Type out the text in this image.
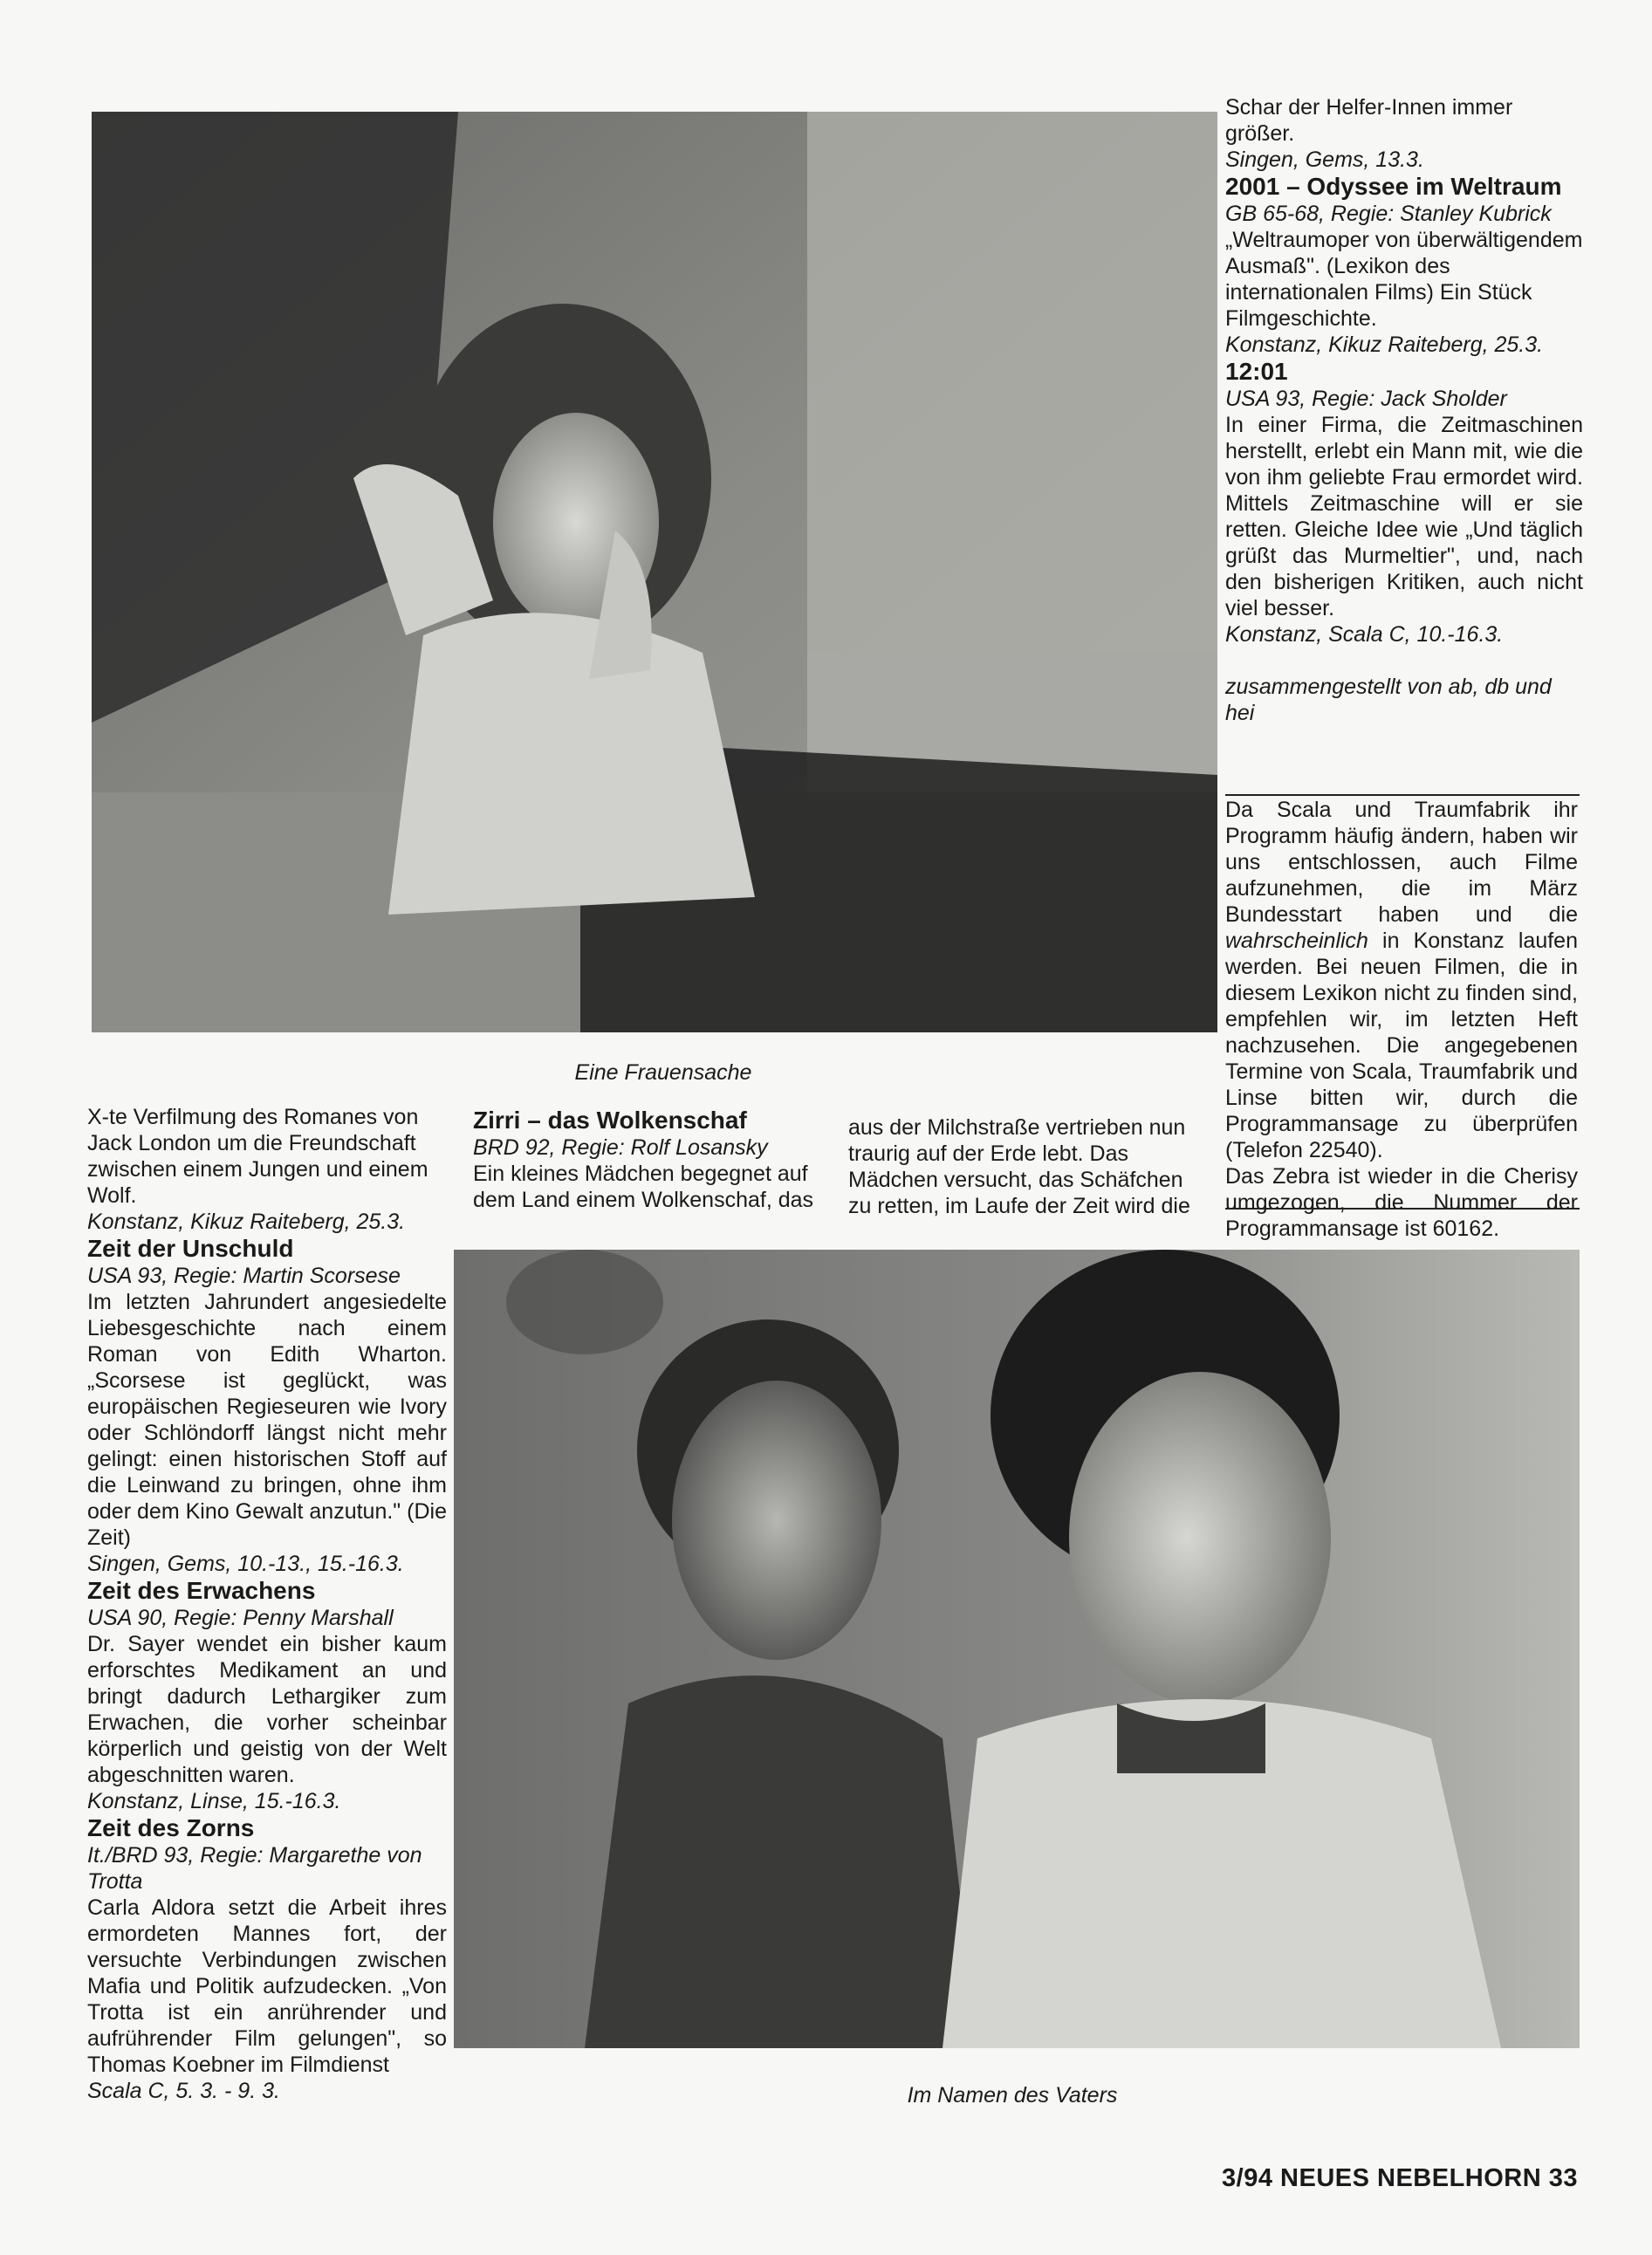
Schar der Helfer-Innen immer größer.

Singen, Gems, 13.3.

2001 – Odyssee im Weltraum

GB 65-68, Regie: Stanley Kubrick

„Weltraumoper von überwältigendem Ausmaß". (Lexikon des internationalen Films) Ein Stück Filmgeschichte.

Konstanz, Kikuz Raiteberg, 25.3.

12:01

USA 93, Regie: Jack Sholder

In einer Firma, die Zeitmaschinen herstellt, erlebt ein Mann mit, wie die von ihm geliebte Frau ermordet wird. Mittels Zeitmaschine will er sie retten. Gleiche Idee wie „Und täglich grüßt das Murmeltier", und, nach den bisherigen Kritiken, auch nicht viel besser.

Konstanz, Scala C, 10.-16.3.

zusammengestellt von ab, db und hei

Da Scala und Traumfabrik ihr Programm häufig ändern, haben wir uns entschlossen, auch Filme aufzunehmen, die im März Bundesstart haben und die wahrscheinlich in Konstanz laufen werden. Bei neuen Filmen, die in diesem Lexikon nicht zu finden sind, empfehlen wir, im letzten Heft nachzusehen. Die angegebenen Termine von Scala, Traumfabrik und Linse bitten wir, durch die Programmansage zu überprüfen (Telefon 22540).

Das Zebra ist wieder in die Cherisy umgezogen, die Nummer der Programmansage ist 60162.

Eine Frauensache

X-te Verfilmung des Romanes von Jack London um die Freundschaft zwischen einem Jungen und einem Wolf.

Konstanz, Kikuz Raiteberg, 25.3.

Zeit der Unschuld

USA 93, Regie: Martin Scorsese

Im letzten Jahrundert angesiedelte Liebesgeschichte nach einem Roman von Edith Wharton. „Scorsese ist geglückt, was europäischen Regieseuren wie Ivory oder Schlöndorff längst nicht mehr gelingt: einen historischen Stoff auf die Leinwand zu bringen, ohne ihm oder dem Kino Gewalt anzutun." (Die Zeit)

Singen, Gems, 10.-13., 15.-16.3.

Zeit des Erwachens

USA 90, Regie: Penny Marshall

Dr. Sayer wendet ein bisher kaum erforschtes Medikament an und bringt dadurch Lethargiker zum Erwachen, die vorher scheinbar körperlich und geistig von der Welt abgeschnitten waren.

Konstanz, Linse, 15.-16.3.

Zeit des Zorns

It./BRD 93, Regie: Margarethe von Trotta

Carla Aldora setzt die Arbeit ihres ermordeten Mannes fort, der versuchte Verbindungen zwischen Mafia und Politik aufzudecken. „Von Trotta ist ein anrührender und aufrührender Film gelungen", so Thomas Koebner im Filmdienst

Scala C, 5. 3. - 9. 3.

Zirri – das Wolkenschaf

BRD 92, Regie: Rolf Losansky

Ein kleines Mädchen begegnet auf dem Land einem Wolkenschaf, das

aus der Milchstraße vertrieben nun traurig auf der Erde lebt. Das Mädchen versucht, das Schäfchen zu retten, im Laufe der Zeit wird die

Im Namen des Vaters
3/94 NEUES NEBELHORN 33
